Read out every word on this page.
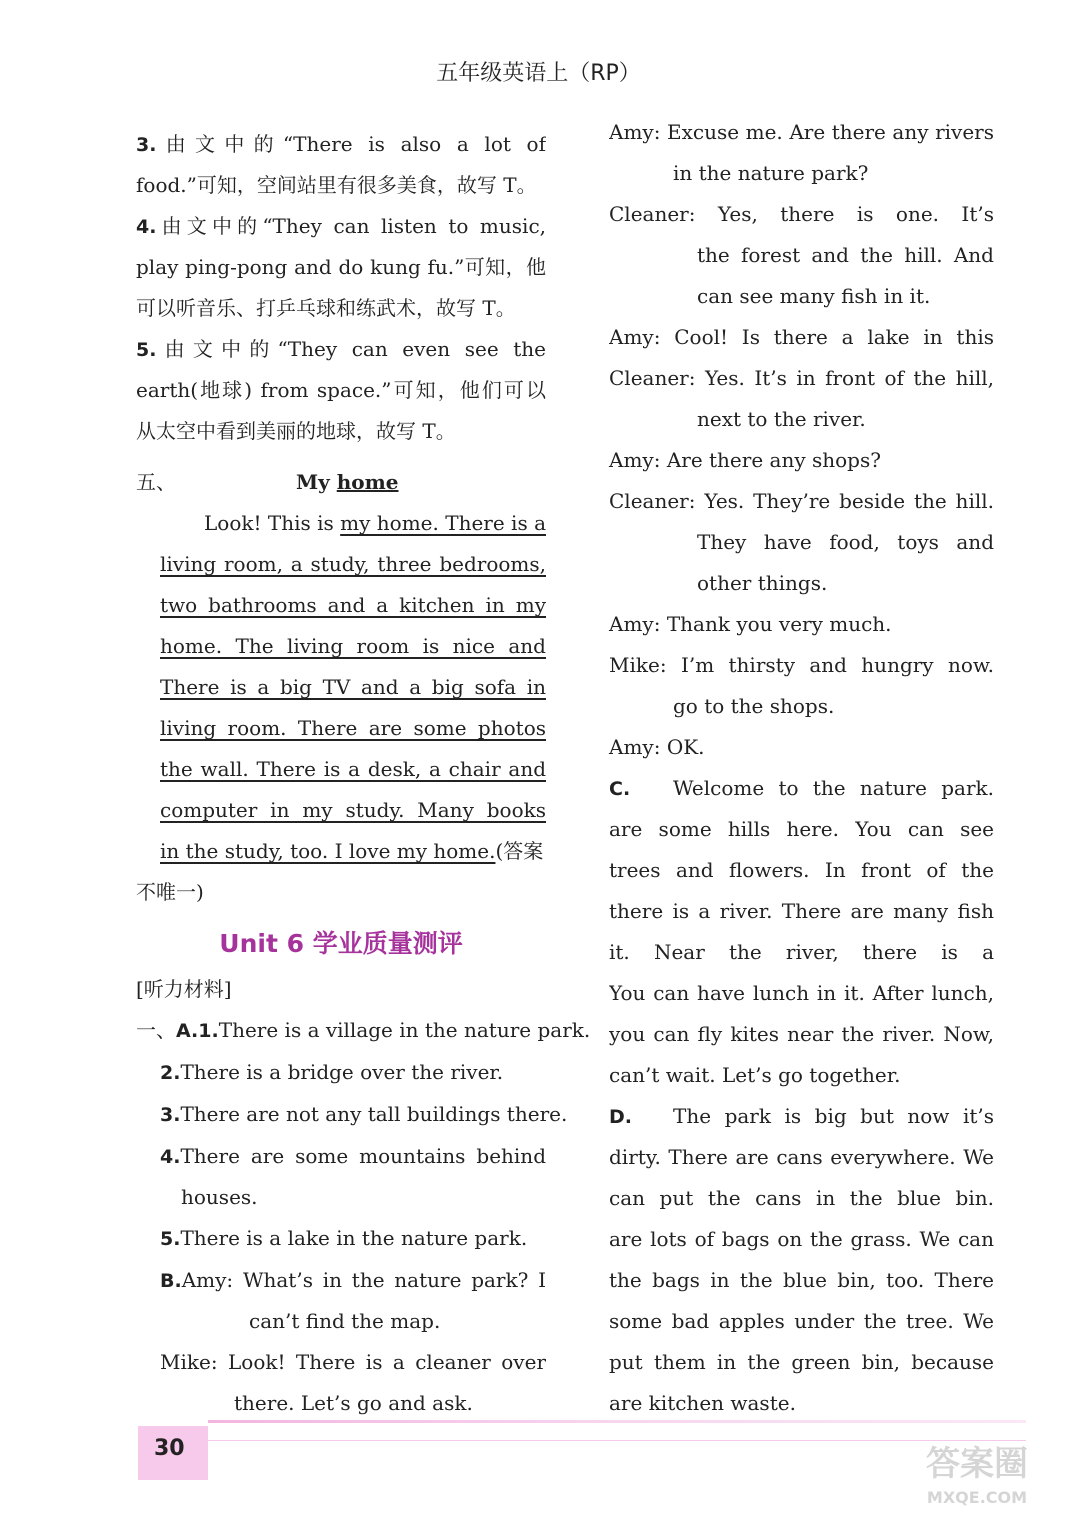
五年级英语上（RP）
3.由文中的“There is also a lot of
food.”可知，空间站里有很多美食，故写 T。
4.由文中的“They can listen to music,
play ping-pong and do kung fu.”可知，他
可以听音乐、打乒乓球和练武术，故写 T。
5.由文中的“They can even see the
earth(地球) from space.”可知，他们可以
从太空中看到美丽的地球，故写 T。
五、	My home
Look! This is my home. There is a
living room, a study, three bedrooms,
two bathrooms and a kitchen in my
home. The living room is nice and
There is a big TV and a big sofa in
living room. There are some photos
the wall. There is a desk, a chair and
computer in my study. Many books
in the study, too. I love my home.(答案
不唯一)
Unit 6 学业质量测评
[听力材料]
一、A.1.There is a village in the nature park.
2.There is a bridge over the river.
3.There are not any tall buildings there.
4.There are some mountains behind
houses.
5.There is a lake in the nature park.
B.Amy: What’s in the nature park? I
can’t find the map.
Mike: Look! There is a cleaner over
there. Let’s go and ask.
Amy: Excuse me. Are there any rivers
in the nature park?
Cleaner: Yes, there is one. It’s
the forest and the hill. And
can see many fish in it.
Amy: Cool! Is there a lake in this
Cleaner: Yes. It’s in front of the hill,
next to the river.
Amy: Are there any shops?
Cleaner: Yes. They’re beside the hill.
They have food, toys and
other things.
Amy: Thank you very much.
Mike: I’m thirsty and hungry now.
go to the shops.
Amy: OK.
C. Welcome to the nature park.
are some hills here. You can see
trees and flowers. In front of the
there is a river. There are many fish
it. Near the river, there is a
You can have lunch in it. After lunch,
you can fly kites near the river. Now,
can’t wait. Let’s go together.
D. The park is big but now it’s
dirty. There are cans everywhere. We
can put the cans in the blue bin.
are lots of bags on the grass. We can
the bags in the blue bin, too. There
some bad apples under the tree. We
put them in the green bin, because
are kitchen waste.
30	答案圈
MXQE.COM
